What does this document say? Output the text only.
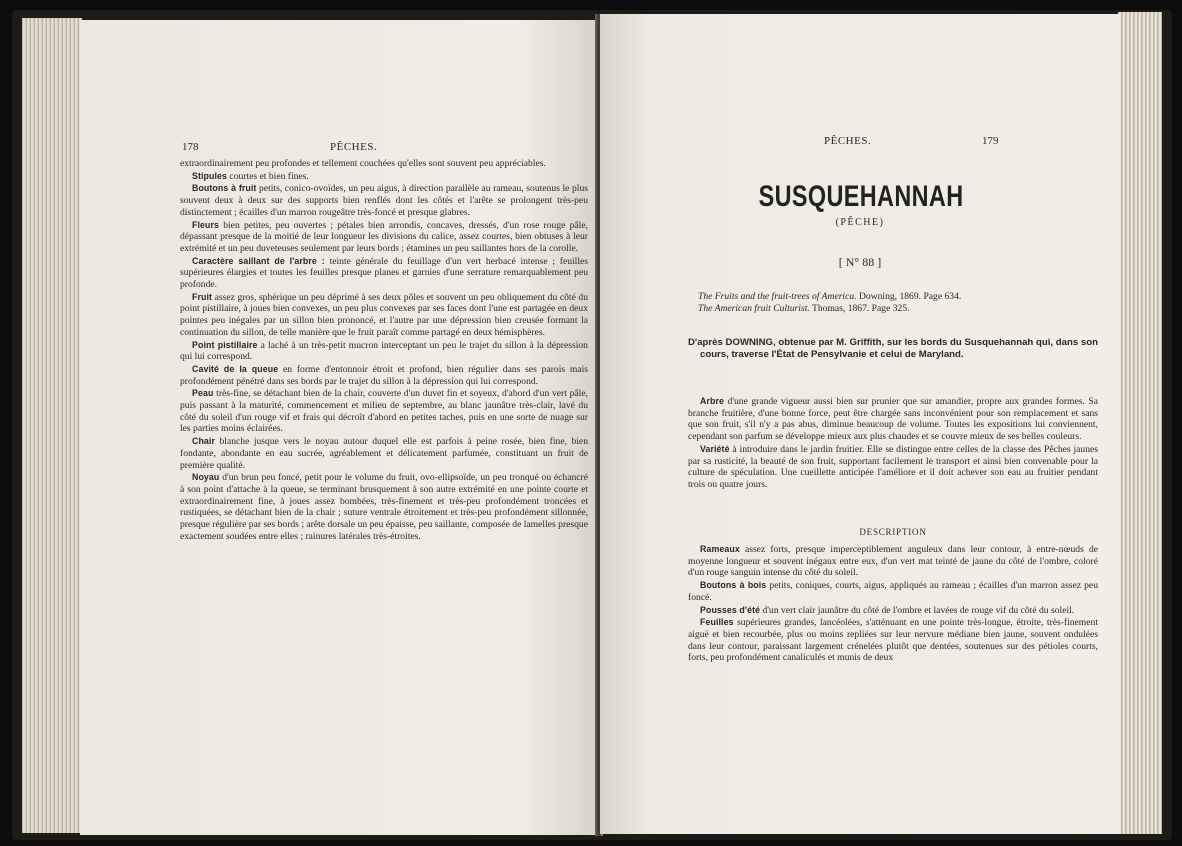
178	PÊCHES.

extraordinairement peu profondes et tellement couchées qu'elles sont souvent peu appréciables.

Stipules courtes et bien fines.

Boutons à fruit petits, conico-ovoïdes, un peu aigus, à direction parallèle au rameau, soutenus le plus souvent deux à deux sur des supports bien renflés dont les côtés et l'arête se prolongent très-peu distinctement ; écailles d'un marron rougeâtre très-foncé et presque glabres.

Fleurs bien petites, peu ouvertes ; pétales bien arrondis, concaves, dressés, d'un rose rouge pâle, dépassant presque de la moitié de leur longueur les divisions du calice, assez courtes, bien obtuses à leur extrémité et un peu duveteuses seulement par leurs bords ; étamines un peu saillantes hors de la corolle.

Caractère saillant de l'arbre : teinte générale du feuillage d'un vert herbacé intense ; feuilles supérieures élargies et toutes les feuilles presque planes et garnies d'une serrature remarquablement peu profonde.

Fruit assez gros, sphérique un peu déprimé à ses deux pôles et souvent un peu obliquement du côté du point pistillaire, à joues bien convexes, un peu plus convexes par ses faces dont l'une est partagée en deux pointes peu inégales par un sillon bien prononcé, et l'autre par une dépression bien creusée formant la continuation du sillon, de telle manière que le fruit paraît comme partagé en deux hémisphères.

Point pistillaire a laché à un très-petit mucron interceptant un peu le trajet du sillon à la dépression qui lui correspond.

Cavité de la queue en forme d'entonnoir étroit et profond, bien régulier dans ses parois mais profondément pénétré dans ses bords par le trajet du sillon à la dépression qui lui correspond.

Peau très-fine, se détachant bien de la chair, couverte d'un duvet fin et soyeux, d'abord d'un vert pâle, puis passant à la maturité, commencement et milieu de septembre, au blanc jaunâtre très-clair, lavé du côté du soleil d'un rouge vif et frais qui décroît d'abord en petites taches, puis en une sorte de nuage sur les parties moins éclairées.

Chair blanche jusque vers le noyau autour duquel elle est parfois à peine rosée, bien fine, bien fondante, abondante en eau sucrée, agréablement et délicatement parfumée, constituant un fruit de première qualité.

Noyau d'un brun peu foncé, petit pour le volume du fruit, ovo-ellipsoïde, un peu tronqué ou échancré à son point d'attache à la queue, se terminant brusquement à son autre extrémité en une pointe courte et extraordinairement fine, à joues assez bombées, très-finement et très-peu profondément troncées et rustiquées, se détachant bien de la chair ; suture ventrale étroitement et très-peu profondément sillonnée, presque régulière par ses bords ; arête dorsale un peu épaisse, peu saillante, composée de lamelles presque exactement soudées entre elles ; rainures latérales très-étroites.

PÊCHES.	179
SUSQUEHANNAH
(PÊCHE)
[ N° 88 ]
The Fruits and the fruit-trees of America. Downing, 1869. Page 634.
The American fruit Culturist. Thomas, 1867. Page 325.
D'après DOWNING, obtenue par M. Griffith, sur les bords du Susquehannah qui, dans son cours, traverse l'État de Pensylvanie et celui de Maryland.

Arbre d'une grande vigueur aussi bien sur prunier que sur amandier, propre aux grandes formes. Sa branche fruitière, d'une bonne force, peut être chargée sans inconvénient pour son remplacement et sans que son fruit, s'il n'y a pas abus, diminue beaucoup de volume. Toutes les expositions lui conviennent, cependant son parfum se développe mieux aux plus chaudes et se couvre mieux de ses belles couleurs.

Variété à introduire dans le jardin fruitier. Elle se distingue entre celles de la classe des Pêches jaunes par sa rusticité, la beauté de son fruit, supportant facilement le transport et ainsi bien convenable pour la culture de spéculation. Une cueillette anticipée l'améliore et il doit achever son eau au fruitier pendant trois ou quatre jours.

DESCRIPTION

Rameaux assez forts, presque imperceptiblement anguleux dans leur contour, à entre-nœuds de moyenne longueur et souvent inégaux entre eux, d'un vert mat teinté de jaune du côté de l'ombre, coloré d'un rouge sanguin intense du côté du soleil.

Boutons à bois petits, coniques, courts, aigus, appliqués au rameau ; écailles d'un marron assez peu foncé.

Pousses d'été d'un vert clair jaunâtre du côté de l'ombre et lavées de rouge vif du côté du soleil.

Feuilles supérieures grandes, lancéolées, s'atténuant en une pointe très-longue, étroite, très-finement aiguë et bien recourbée, plus ou moins repliées sur leur nervure médiane bien jaune, souvent ondulées dans leur contour, paraissant largement crénelées plutôt que dentées, soutenues sur des pétioles courts, forts, peu profondément canaliculés et munis de deux
